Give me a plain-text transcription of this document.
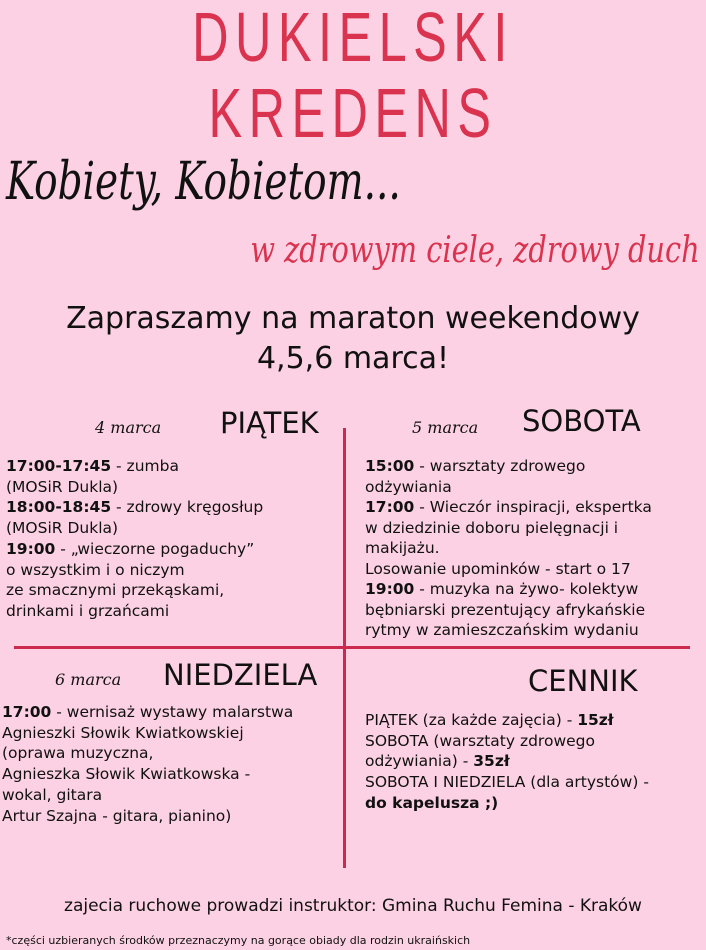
DUKIELSKI
KREDENS
Kobiety, Kobietom...
w zdrowym ciele, zdrowy duch
Zapraszamy na maraton weekendowy
4,5,6 marca!
4 marca PIĄTEK
17:00-17:45 - zumba
(MOSiR Dukla)
18:00-18:45 - zdrowy kręgosłup
(MOSiR Dukla)
19:00 - „wieczorne pogaduchy”
o wszystkim i o niczym
ze smacznymi przekąskami,
drinkami i grzańcami
5 marca SOBOTA
15:00 - warsztaty zdrowego
odżywiania
17:00 - Wieczór inspiracji, ekspertka
w dziedzinie doboru pielęgnacji i
makijażu.
Losowanie upominków - start o 17
19:00 - muzyka na żywo- kolektyw
bębniarski prezentujący afrykańskie
rytmy w zamieszczańskim wydaniu
6 marca NIEDZIELA
17:00 - wernisaż wystawy malarstwa
Agnieszki Słowik Kwiatkowskiej
(oprawa muzyczna,
Agnieszka Słowik Kwiatkowska -
wokal, gitara
Artur Szajna - gitara, pianino)
CENNIK
PIĄTEK (za każde zajęcia) - 15zł
SOBOTA (warsztaty zdrowego
odżywiania) - 35zł
SOBOTA I NIEDZIELA (dla artystów) -
do kapelusza ;)
zajecia ruchowe prowadzi instruktor: Gmina Ruchu Femina - Kraków
*części uzbieranych środków przeznaczymy na gorące obiady dla rodzin ukraińskich
